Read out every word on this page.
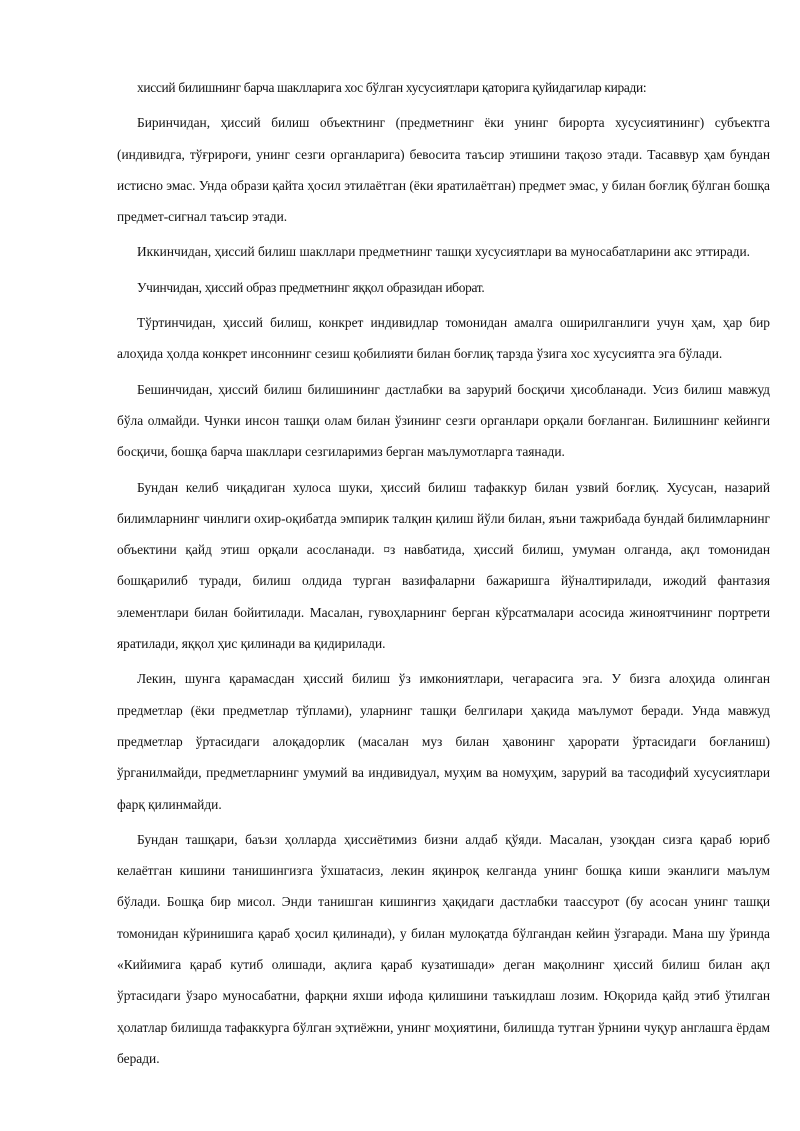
хиссий билишнинг барча шаклларига хос бўлган хусусиятлари қаторига қуйидагилар киради:

Биринчидан, ҳиссий билиш объектнинг (предметнинг ёки унинг бирорта хусусиятининг) субъектга (индивидга, тўғрироғи, унинг сезги органларига) бевосита таъсир этишини тақозо этади. Тасаввур ҳам бундан истисно эмас. Унда образи қайта ҳосил этилаётган (ёки яратилаётган) предмет эмас, у билан боғлиқ бўлган бошқа предмет-сигнал таъсир этади.

Иккинчидан, ҳиссий билиш шакллари предметнинг ташқи хусусиятлари ва муносабатларини акс эттиради.

Учинчидан, ҳиссий образ предметнинг яққол образидан иборат.

Тўртинчидан, ҳиссий билиш, конкрет индивидлар томонидан амалга оширилганлиги учун ҳам, ҳар бир алоҳида ҳолда конкрет инсоннинг сезиш қобилияти билан боғлиқ тарзда ўзига хос хусусиятга эга бўлади.

Бешинчидан, ҳиссий билиш билишининг дастлабки ва зарурий босқичи ҳисобланади. Усиз билиш мавжуд бўла олмайди. Чунки инсон ташқи олам билан ўзининг сезги органлари орқали боғланган. Билишнинг кейинги босқичи, бошқа барча шакллари сезгиларимиз берган маълумотларга таянади.

Бундан келиб чиқадиган хулоса шуки, ҳиссий билиш тафаккур билан узвий боғлиқ. Хусусан, назарий билимларнинг чинлиги охир-оқибатда эмпирик талқин қилиш йўли билан, яъни тажрибада бундай билимларнинг объектини қайд этиш орқали асосланади. ¤з навбатида, ҳиссий билиш, умуман олганда, ақл томонидан бошқарилиб туради, билиш олдида турган вазифаларни бажаришга йўналтирилади, ижодий фантазия элементлари билан бойитилади. Масалан, гувоҳларнинг берган кўрсатмалари асосида жиноятчининг портрети яратилади, яққол ҳис қилинади ва қидирилади.

Лекин, шунга қарамасдан ҳиссий билиш ўз имкониятлари, чегарасига эга. У бизга алоҳида олинган предметлар (ёки предметлар тўплами), уларнинг ташқи белгилари ҳақида маълумот беради. Унда мавжуд предметлар ўртасидаги алоқадорлик (масалан муз билан ҳавонинг ҳарорати ўртасидаги боғланиш) ўрганилмайди, предметларнинг умумий ва индивидуал, муҳим ва номуҳим, зарурий ва тасодифий хусусиятлари фарқ қилинмайди.

Бундан ташқари, баъзи ҳолларда ҳиссиётимиз бизни алдаб қўяди. Масалан, узоқдан сизга қараб юриб келаётган кишини танишингизга ўхшатасиз, лекин яқинроқ келганда унинг бошқа киши эканлиги маълум бўлади. Бошқа бир мисол. Энди танишган кишингиз ҳақидаги дастлабки таассурот (бу асосан унинг ташқи томонидан кўринишига қараб ҳосил қилинади), у билан мулоқатда бўлгандан кейин ўзгаради. Мана шу ўринда «Кийимига қараб кутиб олишади, ақлига қараб кузатишади» деган мақолнинг ҳиссий билиш билан ақл ўртасидаги ўзаро муносабатни, фарқни яхши ифода қилишини таъкидлаш лозим. Юқорида қайд этиб ўтилган ҳолатлар билишда тафаккурга бўлган эҳтиёжни, унинг моҳиятини, билишда тутган ўрнини чуқур англашга ёрдам беради.
